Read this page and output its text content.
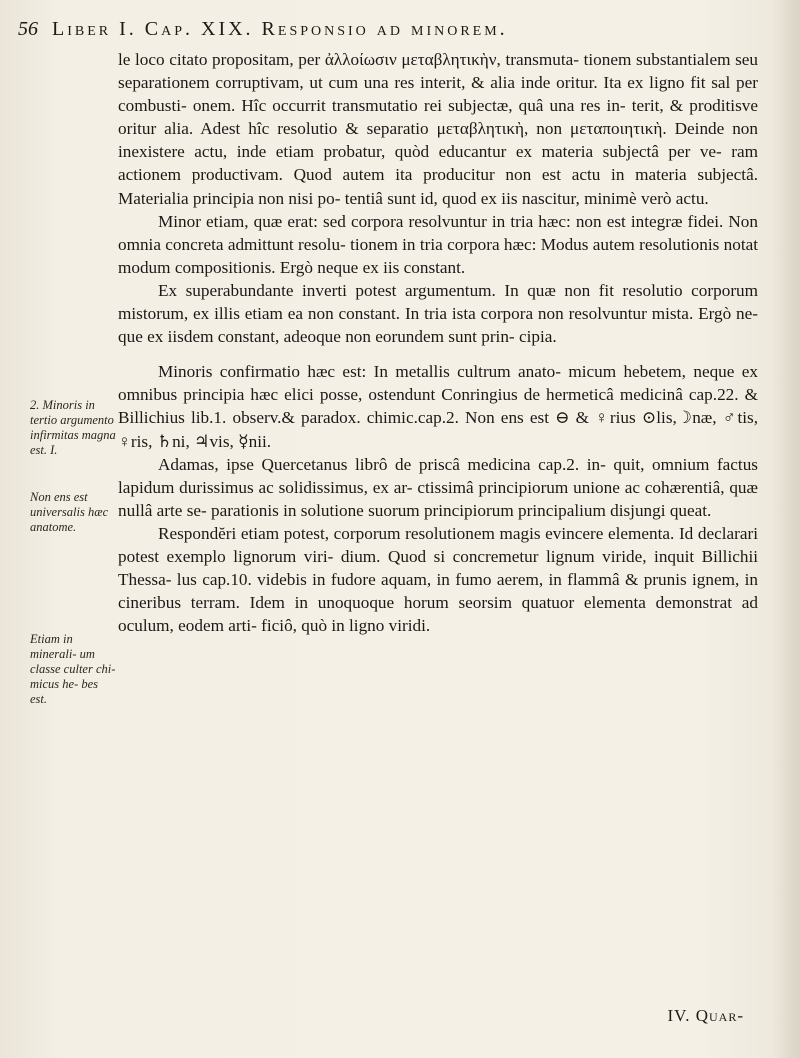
56 Liber I. Cap. XIX. Responsio ad minorem.
2. Minoris in tertio argumento infirmitas magna est. I.
Non ens est universalis hæc anatome.
Etiam in minerali- um classe culter chi- micus he- bes est.

le loco citato propositam, per ἀλλοίωσιν μεταβλητικὴν, transmuta- tionem substantialem seu separationem corruptivam, ut cum una res interit, & alia inde oritur. Ita ex ligno fit sal per combusti- onem. Hîc occurrit transmutatio rei subjectæ, quâ una res in- terit, & proditisve oritur alia. Adest hîc resolutio & separatio μεταβλητικὴ, non μεταποιητικὴ. Deinde non inexistere actu, inde etiam probatur, quòd educantur ex materia subjectâ per ve- ram actionem productivam. Quod autem ita producitur non est actu in materia subjectâ. Materialia principia non nisi po- tentiâ sunt id, quod ex iis nascitur, minimè verò actu.

Minor etiam, quæ erat: sed corpora resolvuntur in tria hæc: non est integræ fidei. Non omnia concreta admittunt resolu- tionem in tria corpora hæc: Modus autem resolutionis notat modum compositionis. Ergò neque ex iis constant.

Ex superabundante inverti potest argumentum. In quæ non fit resolutio corporum mistorum, ex illis etiam ea non constant. In tria ista corpora non resolvuntur mista. Ergò ne- que ex iisdem constant, adeoque non eorundem sunt prin- cipia.

Minoris confirmatio hæc est: In metallis cultrum anato- micum hebetem, neque ex omnibus principia hæc elici posse, ostendunt Conringius de hermeticâ medicinâ cap.22. & Billichius lib.1. observ.& paradox. chimic.cap.2. Non ens est ⊖ & ♀rius ⊙lis,☽næ, ♂tis, ♀ris, ♄ni, ♃vis, ☿nii.

Adamas, ipse Quercetanus librô de priscâ medicina cap.2. in- quit, omnium factus lapidum durissimus ac solidissimus, ex ar- ctissimâ principiorum unione ac cohærentiâ, quæ nullâ arte se- parationis in solutione suorum principiorum principalium disjungi queat.

Respondĕri etiam potest, corporum resolutionem magis evincere elementa. Id declarari potest exemplo lignorum viri- dium. Quod si concremetur lignum viride, inquit Billichii Thessa- lus cap.10. videbis in fudore aquam, in fumo aerem, in flammâ & prunis ignem, in cineribus terram. Idem in unoquoque horum seorsim quatuor elementa demonstrat ad oculum, eodem arti- ficiô, quò in ligno viridi.

IV. Quar-
